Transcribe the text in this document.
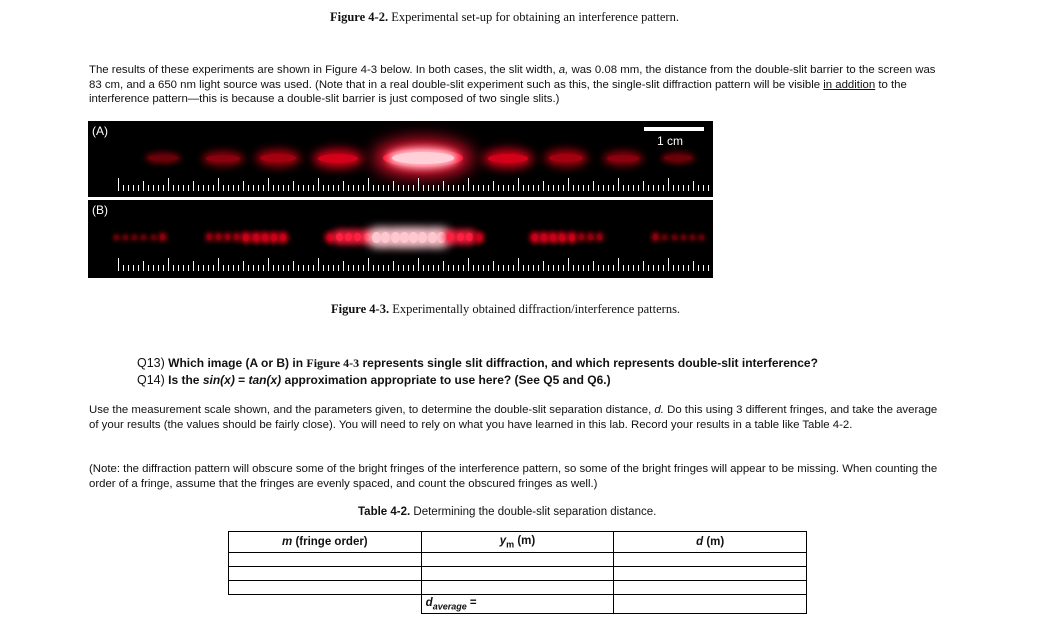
Figure 4-2. Experimental set-up for obtaining an interference pattern.
The results of these experiments are shown in Figure 4-3 below. In both cases, the slit width, a, was 0.08 mm, the distance from the double-slit barrier to the screen was 83 cm, and a 650 nm light source was used. (Note that in a real double-slit experiment such as this, the single-slit diffraction pattern will be visible in addition to the interference pattern—this is because a double-slit barrier is just composed of two single slits.)
(A)
1 cm
(B)
Figure 4-3. Experimentally obtained diffraction/interference patterns.
Q13) Which image (A or B) in Figure 4-3 represents single slit diffraction, and which represents double-slit interference?
Q14) Is the sin(x) = tan(x) approximation appropriate to use here? (See Q5 and Q6.)
Use the measurement scale shown, and the parameters given, to determine the double-slit separation distance, d. Do this using 3 different fringes, and take the average of your results (the values should be fairly close). You will need to rely on what you have learned in this lab. Record your results in a table like Table 4-2.
(Note: the diffraction pattern will obscure some of the bright fringes of the interference pattern, so some of the bright fringes will appear to be missing. When counting the order of a fringe, assume that the fringes are evenly spaced, and count the obscured fringes as well.)
Table 4-2. Determining the double-slit separation distance.
m (fringe order)	$y_m$ (m)	d (m)

	$d_{average}$ =	
